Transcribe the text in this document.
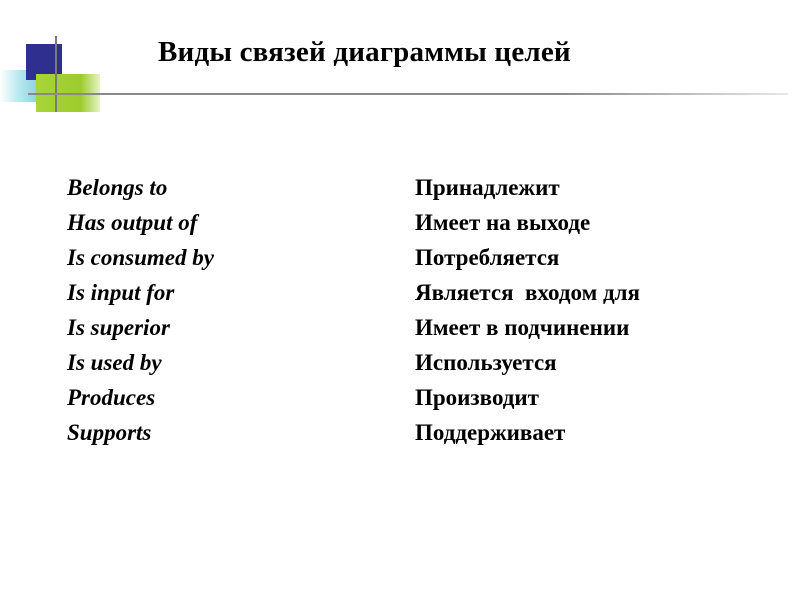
Виды связей диаграммы целей
Belongs to
Has output of
Is consumed by
Is input for
Is superior
Is used by
Produces
Supports
Принадлежит
Имеет на выходе
Потребляется
Является  входом для
Имеет в подчинении
Используется
Производит
Поддерживает
